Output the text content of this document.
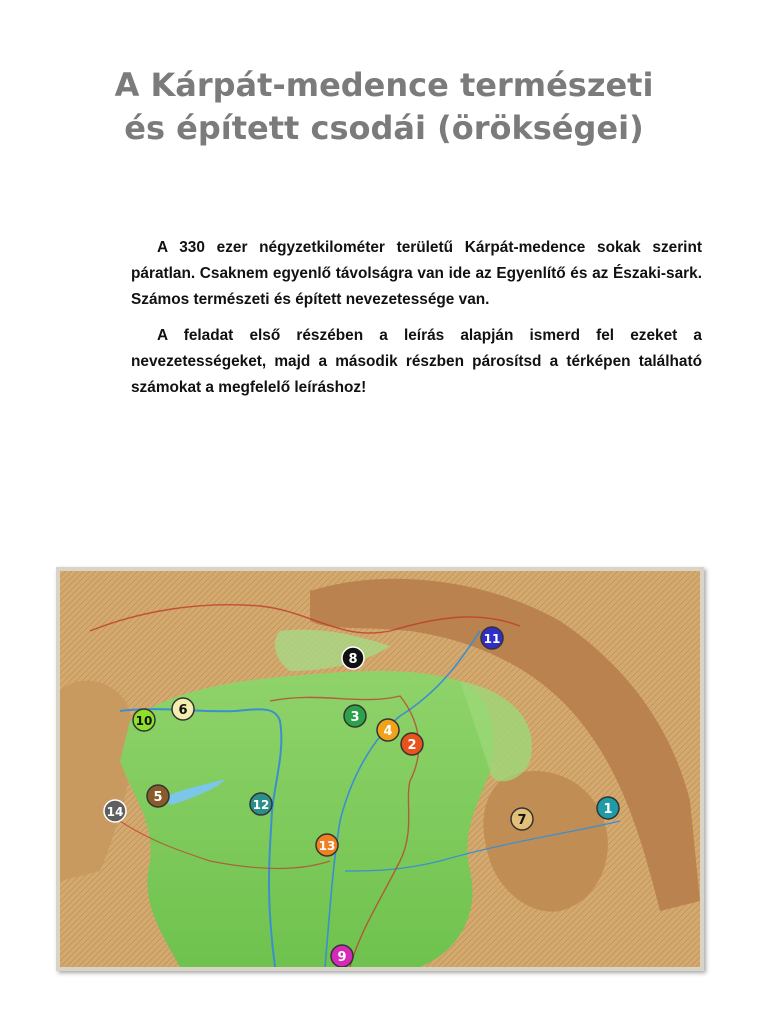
A Kárpát-medence természeti
és épített csodái (örökségei)

A 330 ezer négyzetkilométer területű Kárpát-medence sokak szerint páratlan. Csaknem egyenlő távolságra van ide az Egyenlítő és az Északi-sark. Számos természeti és épített nevezetessége van.

A feladat első részében a leírás alapján ismerd fel ezeket a nevezetességeket, majd a második részben párosítsd a térképen található számokat a megfelelő leíráshoz!

1
2
3
4
5
6
7
8
9
10
11
12
13
14
